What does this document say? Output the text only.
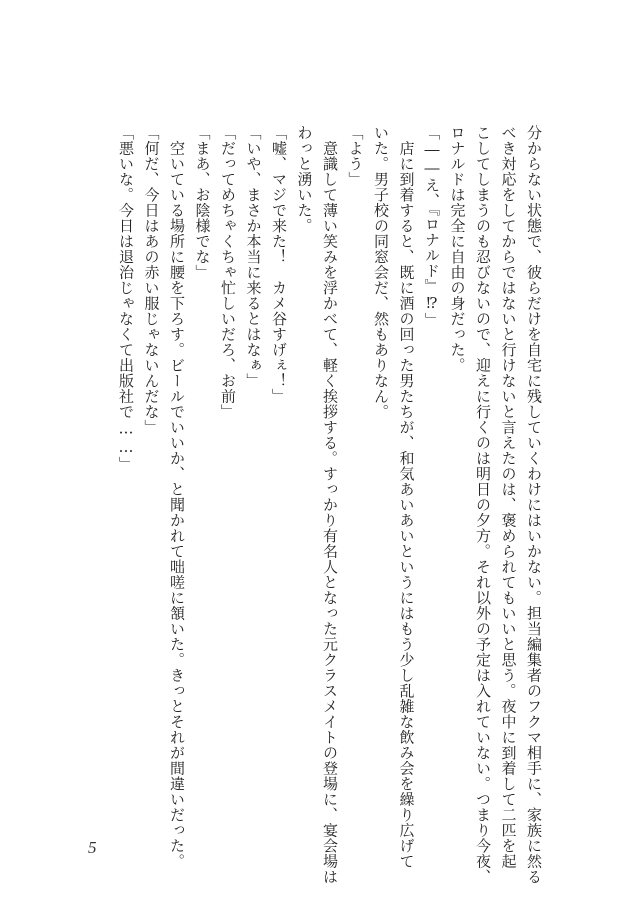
分からない状態で、彼らだけを自宅に残していくわけにはいかない。担当編集者のフクマ相手に、家族に然る
べき対応をしてからではないと行けないと言えたのは、褒められてもいいと思う。夜中に到着して二匹を起
こしてしまうのも忍びないので、迎えに行くのは明日の夕方。それ以外の予定は入れていない。つまり今夜、
ロナルドは完全に自由の身だった。
「――え、『ロナルド』⁉」
　店に到着すると、既に酒の回った男たちが、和気あいあいというにはもう少し乱雑な飲み会を繰り広げて
いた。男子校の同窓会だ、然もありなん。
「よう」
　意識して薄い笑みを浮かべて、軽く挨拶する。すっかり有名人となった元クラスメイトの登場に、宴会場は
わっと湧いた。
「嘘、マジで来た！　カメ谷すげぇ！」
「いや、まさか本当に来るとはなぁ」
「だってめちゃくちゃ忙しいだろ、お前」
「まあ、お陰様でな」
　空いている場所に腰を下ろす。ビールでいいか、と聞かれて咄嗟に頷いた。きっとそれが間違いだった。
「何だ、今日はあの赤い服じゃないんだな」
「悪いな。今日は退治じゃなくて出版社で……」
5
